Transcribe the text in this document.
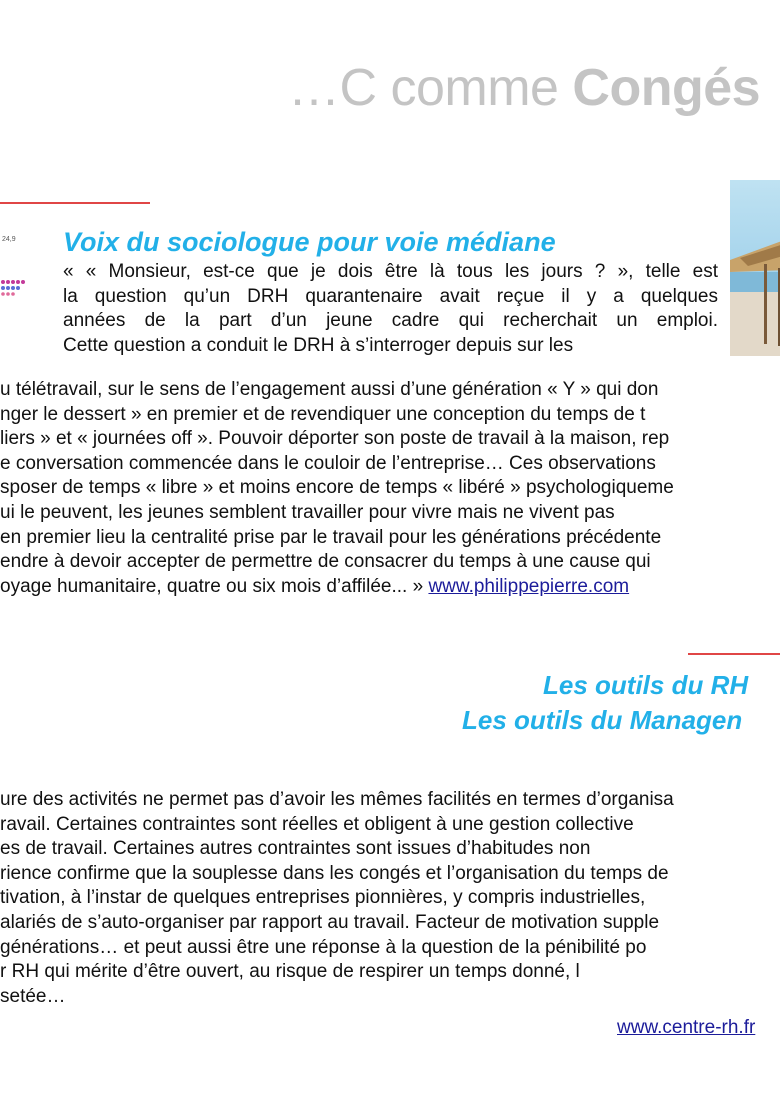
…C comme Congés
24,9 Voix du sociologue pour voie médiane
« « Monsieur, est-ce que je dois être là tous les jours ? », telle est
la question qu’un DRH quarantenaire avait reçue il y a quelques
années de la part d’un jeune cadre qui recherchait un emploi.
Cette question a conduit le DRH à s’interroger depuis sur les
u télétravail, sur le sens de l’engagement aussi d’une génération « Y » qui don
nger le dessert » en premier et de revendiquer une conception du temps de t
liers » et « journées off ». Pouvoir déporter son poste de travail à la maison, rep
e conversation commencée dans le couloir de l’entreprise… Ces observations
sposer de temps « libre » et moins encore de temps « libéré » psychologiqueme
ui le peuvent, les jeunes semblent travailler pour vivre mais ne vivent pas
en premier lieu la centralité prise par le travail pour les générations précédente
endre à devoir accepter de permettre de consacrer du temps à une cause qui
oyage humanitaire, quatre ou six mois d’affilée... » www.philippepierre.com
Les outils du RH
Les outils du Managen
ure des activités ne permet pas d’avoir les mêmes facilités en termes d’organisa
ravail. Certaines contraintes sont réelles et obligent à une gestion collective
es de travail. Certaines autres contraintes sont issues d’habitudes non
rience confirme que la souplesse dans les congés et l’organisation du temps de
tivation, à l’instar de quelques entreprises pionnières, y compris industrielles,
alariés de s’auto-organiser par rapport au travail. Facteur de motivation supple
générations… et peut aussi être une réponse à la question de la pénibilité po
r RH qui mérite d’être ouvert, au risque de respirer un temps donné, l
setée…
www.centre-rh.fr
